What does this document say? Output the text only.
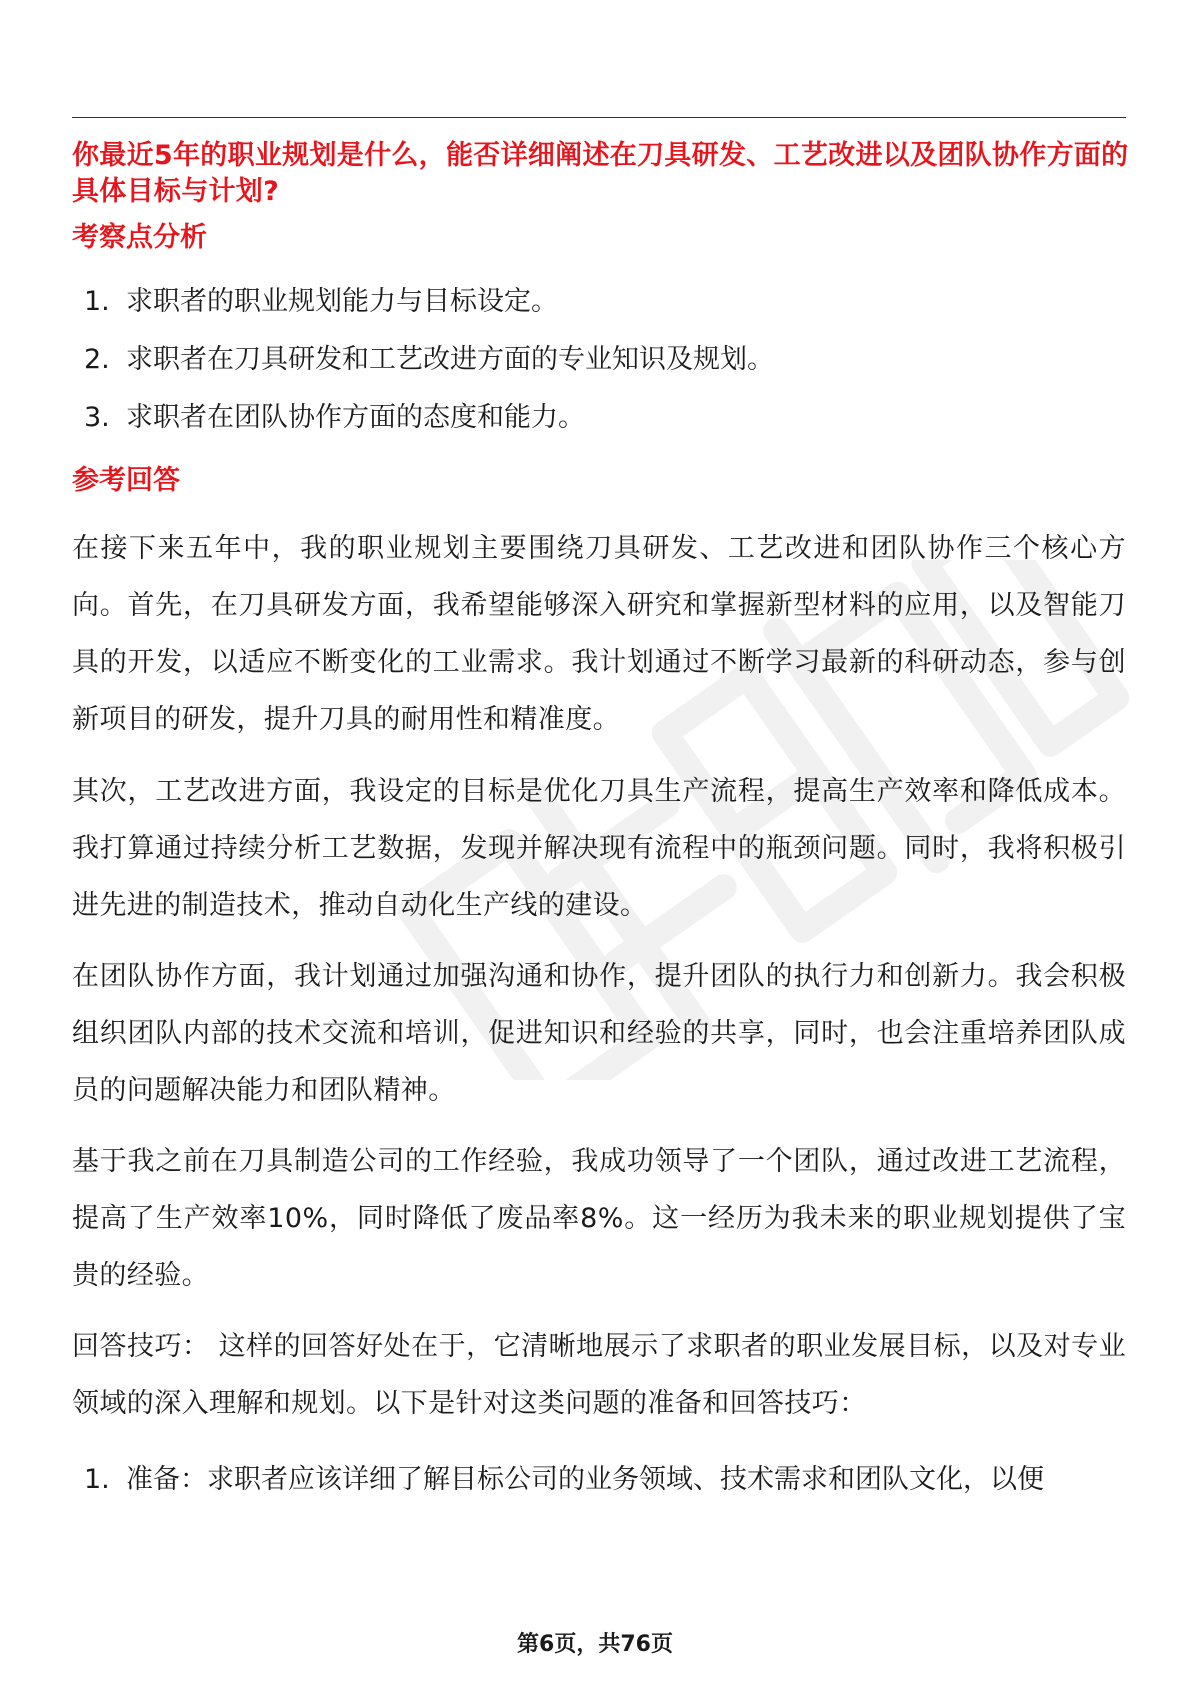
你最近5年的职业规划是什么，能否详细阐述在刀具研发、工艺改进以及团队协作方面的具体目标与计划?
考察点分析
1. 求职者的职业规划能力与目标设定。
2. 求职者在刀具研发和工艺改进方面的专业知识及规划。
3. 求职者在团队协作方面的态度和能力。
参考回答

在接下来五年中，我的职业规划主要围绕刀具研发、工艺改进和团队协作三个核心方向。首先，在刀具研发方面，我希望能够深入研究和掌握新型材料的应用，以及智能刀具的开发，以适应不断变化的工业需求。我计划通过不断学习最新的科研动态，参与创新项目的研发，提升刀具的耐用性和精准度。

其次，工艺改进方面，我设定的目标是优化刀具生产流程，提高生产效率和降低成本。我打算通过持续分析工艺数据，发现并解决现有流程中的瓶颈问题。同时，我将积极引进先进的制造技术，推动自动化生产线的建设。

在团队协作方面，我计划通过加强沟通和协作，提升团队的执行力和创新力。我会积极组织团队内部的技术交流和培训，促进知识和经验的共享，同时，也会注重培养团队成员的问题解决能力和团队精神。

基于我之前在刀具制造公司的工作经验，我成功领导了一个团队，通过改进工艺流程，提高了生产效率10%，同时降低了废品率8%。这一经历为我未来的职业规划提供了宝贵的经验。

回答技巧： 这样的回答好处在于，它清晰地展示了求职者的职业发展目标，以及对专业领域的深入理解和规划。以下是针对这类问题的准备和回答技巧：

1. 准备：求职者应该详细了解目标公司的业务领域、技术需求和团队文化，以便
第6页，共76页
